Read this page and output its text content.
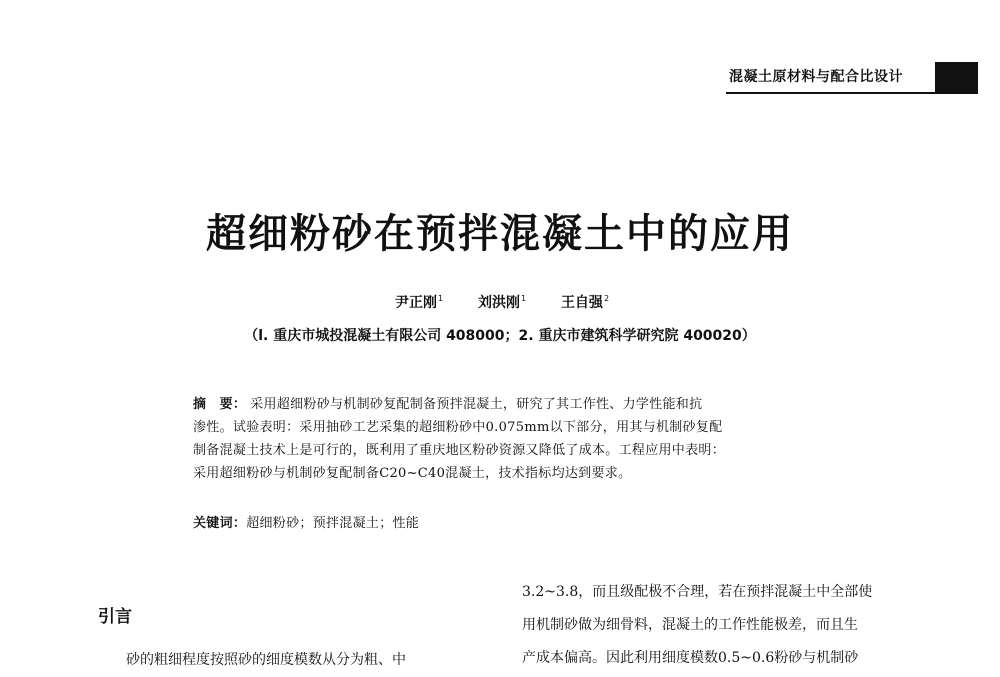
混凝土原材料与配合比设计
超细粉砂在预拌混凝土中的应用
尹正刚$^1$ 刘洪刚$^1$ 王自强$^2$
（l. 重庆市城投混凝土有限公司 408000；2. 重庆市建筑科学研究院 400020）
摘　要： 采用超细粉砂与机制砂复配制备预拌混凝土，研究了其工作性、力学性能和抗
渗性。试验表明：采用抽砂工艺采集的超细粉砂中0.075mm以下部分，用其与机制砂复配
制备混凝土技术上是可行的，既利用了重庆地区粉砂资源又降低了成本。工程应用中表明：
采用超细粉砂与机制砂复配制备C20~C40混凝土，技术指标均达到要求。
关键词：超细粉砂；预拌混凝土；性能
引言
砂的粗细程度按照砂的细度模数从分为粗、中
3.2~3.8，而且级配极不合理，若在预拌混凝土中全部使
用机制砂做为细骨料，混凝土的工作性能极差，而且生
产成本偏高。因此利用细度模数0.5~0.6粉砂与机制砂
